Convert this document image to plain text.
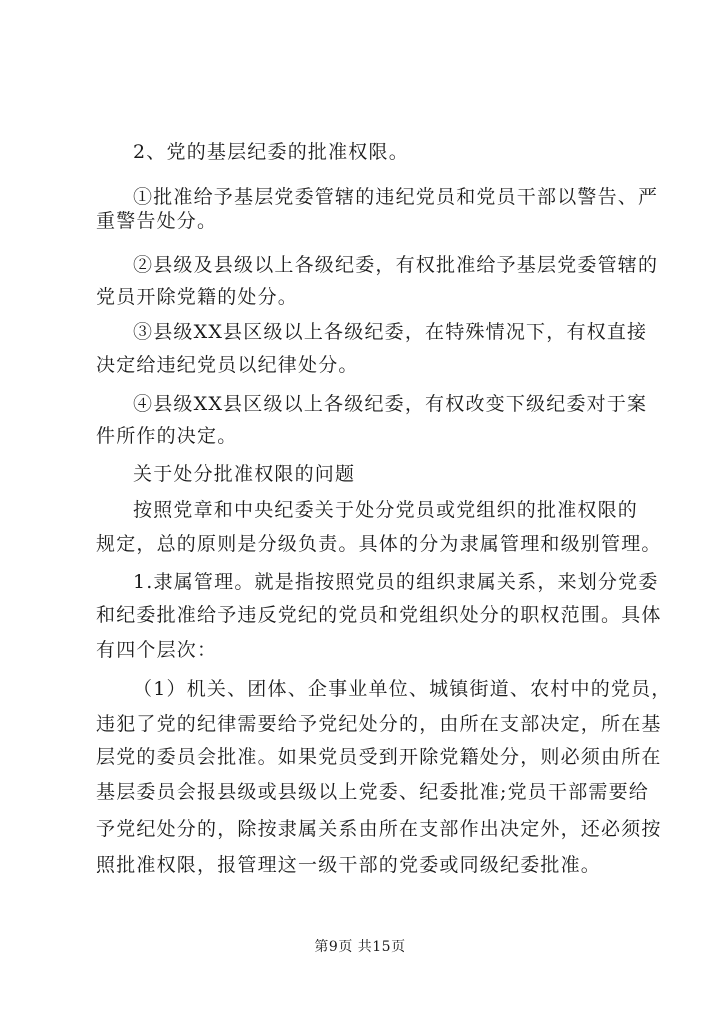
2、党的基层纪委的批准权限。
①批准给予基层党委管辖的违纪党员和党员干部以警告、严
重警告处分。
②县级及县级以上各级纪委，有权批准给予基层党委管辖的
党员开除党籍的处分。
③县级XX县区级以上各级纪委，在特殊情况下，有权直接
决定给违纪党员以纪律处分。
④县级XX县区级以上各级纪委，有权改变下级纪委对于案
件所作的决定。
关于处分批准权限的问题
按照党章和中央纪委关于处分党员或党组织的批准权限的
规定，总的原则是分级负责。具体的分为隶属管理和级别管理。
1.隶属管理。就是指按照党员的组织隶属关系，来划分党委
和纪委批准给予违反党纪的党员和党组织处分的职权范围。具体
有四个层次：
（1）机关、团体、企事业单位、城镇街道、农村中的党员，
违犯了党的纪律需要给予党纪处分的，由所在支部决定，所在基
层党的委员会批准。如果党员受到开除党籍处分，则必须由所在
基层委员会报县级或县级以上党委、纪委批准;党员干部需要给
予党纪处分的，除按隶属关系由所在支部作出决定外，还必须按
照批准权限，报管理这一级干部的党委或同级纪委批准。
第9页 共15页
